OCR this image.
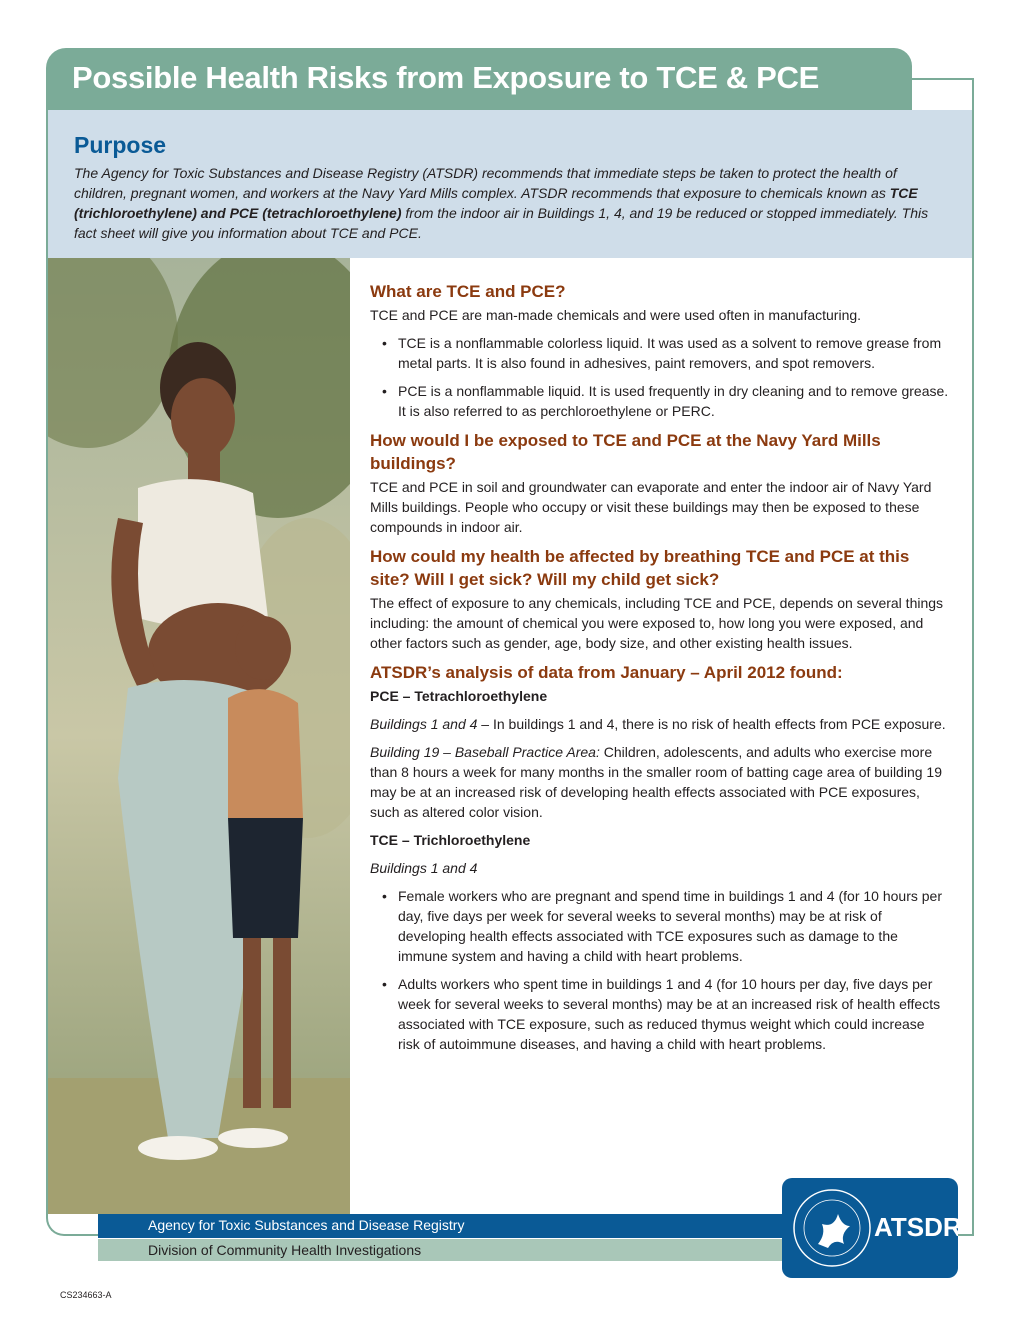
Possible Health Risks from Exposure to TCE & PCE
Purpose

The Agency for Toxic Substances and Disease Registry (ATSDR) recommends that immediate steps be taken to protect the health of children, pregnant women, and workers at the Navy Yard Mills complex. ATSDR recommends that exposure to chemicals known as TCE (trichloroethylene) and PCE (tetrachloroethylene) from the indoor air in Buildings 1, 4, and 19 be reduced or stopped immediately. This fact sheet will give you information about TCE and PCE.

What are TCE and PCE?

TCE and PCE are man-made chemicals and were used often in manufacturing.

• TCE is a nonflammable colorless liquid. It was used as a solvent to remove grease from metal parts. It is also found in adhesives, paint removers, and spot removers.
• PCE is a nonflammable liquid. It is used frequently in dry cleaning and to remove grease. It is also referred to as perchloroethylene or PERC.
How would I be exposed to TCE and PCE at the Navy Yard Mills buildings?

TCE and PCE in soil and groundwater can evaporate and enter the indoor air of Navy Yard Mills buildings. People who occupy or visit these buildings may then be exposed to these compounds in indoor air.

How could my health be affected by breathing TCE and PCE at this site? Will I get sick? Will my child get sick?

The effect of exposure to any chemicals, including TCE and PCE, depends on several things including: the amount of chemical you were exposed to, how long you were exposed, and other factors such as gender, age, body size, and other existing health issues.

ATSDR’s analysis of data from January – April 2012 found:

PCE – Tetrachloroethylene

Buildings 1 and 4 – In buildings 1 and 4, there is no risk of health effects from PCE exposure.

Building 19 – Baseball Practice Area: Children, adolescents, and adults who exercise more than 8 hours a week for many months in the smaller room of batting cage area of building 19 may be at an increased risk of developing health effects associated with PCE exposures, such as altered color vision.

TCE – Trichloroethylene

Buildings 1 and 4

• Female workers who are pregnant and spend time in buildings 1 and 4 (for 10 hours per day, five days per week for several weeks to several months) may be at risk of developing health effects associated with TCE exposures such as damage to the immune system and having a child with heart problems.
• Adults workers who spent time in buildings 1 and 4 (for 10 hours per day, five days per week for several weeks to several months) may be at an increased risk of health effects associated with TCE exposure, such as reduced thymus weight which could increase risk of autoimmune diseases, and having a child with heart problems.
Agency for Toxic Substances and Disease Registry
Division of Community Health Investigations
ATSDR
CS234663-A
